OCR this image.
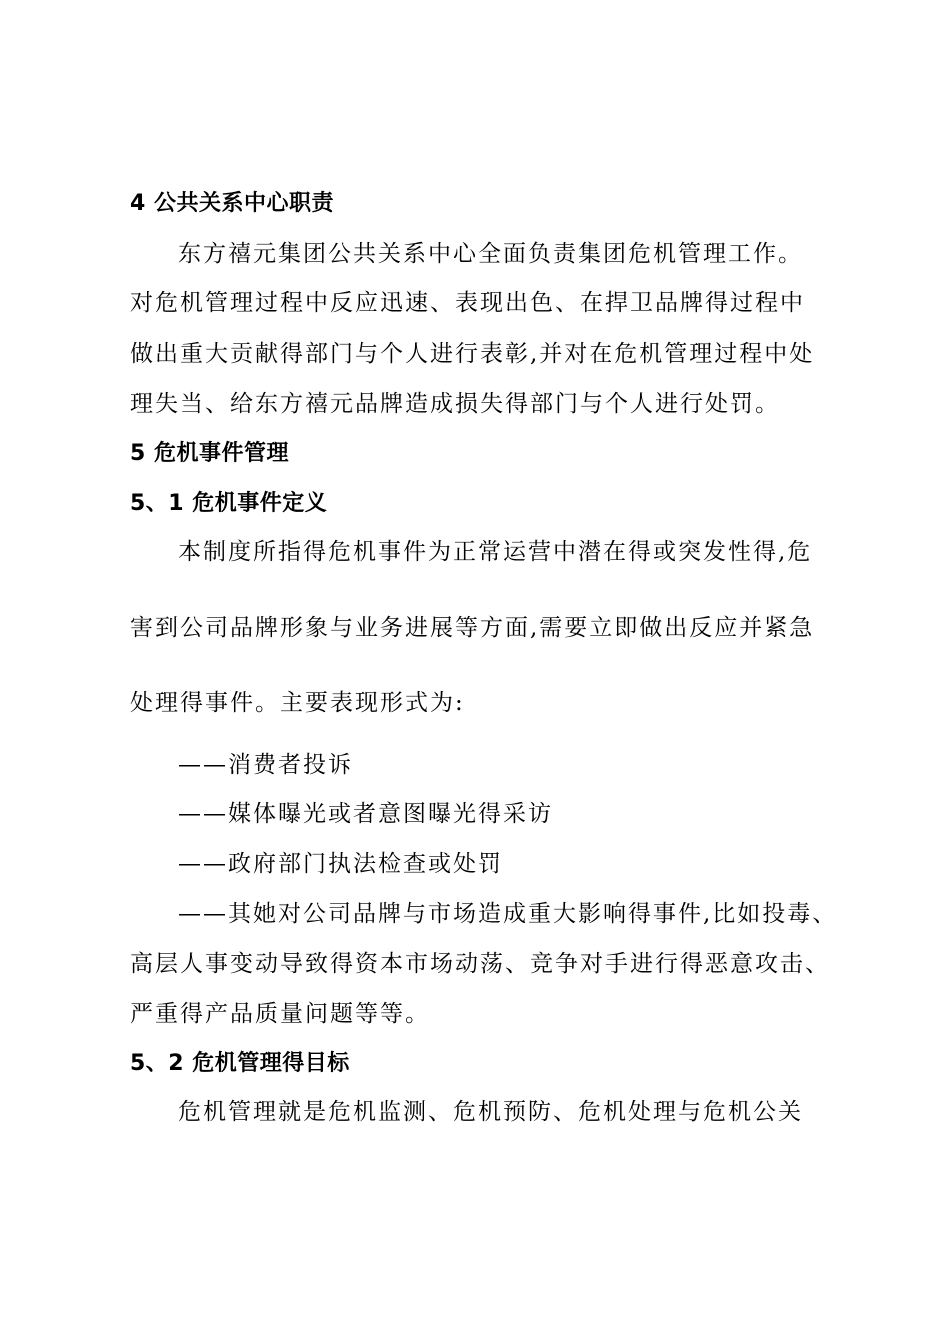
4 公共关系中心职责
东方禧元集团公共关系中心全面负责集团危机管理工作。
对危机管理过程中反应迅速、表现出色、在捍卫品牌得过程中
做出重大贡献得部门与个人进行表彰,并对在危机管理过程中处
理失当、给东方禧元品牌造成损失得部门与个人进行处罚。
5 危机事件管理
5、1 危机事件定义
本制度所指得危机事件为正常运营中潜在得或突发性得,危
害到公司品牌形象与业务进展等方面,需要立即做出反应并紧急
处理得事件。主要表现形式为:
——消费者投诉
——媒体曝光或者意图曝光得采访
——政府部门执法检查或处罚
——其她对公司品牌与市场造成重大影响得事件,比如投毒、
高层人事变动导致得资本市场动荡、竞争对手进行得恶意攻击、
严重得产品质量问题等等。
5、2 危机管理得目标
危机管理就是危机监测、危机预防、危机处理与危机公关
